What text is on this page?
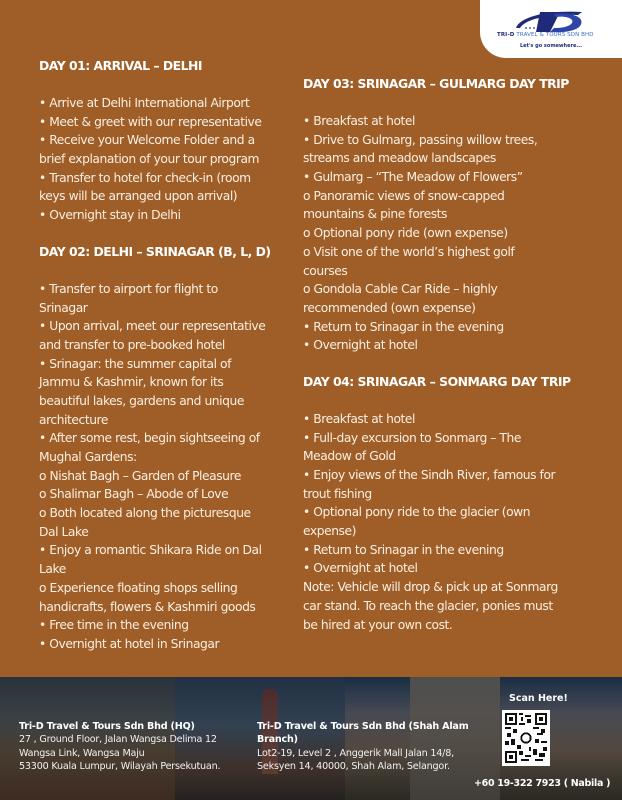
TRI-D TRAVEL & TOURS SDN BHD
Let's go somewhere...
DAY 01: ARRIVAL – DELHI
• Arrive at Delhi International Airport
• Meet & greet with our representative
• Receive your Welcome Folder and a
brief explanation of your tour program
• Transfer to hotel for check-in (room
keys will be arranged upon arrival)
• Overnight stay in Delhi
DAY 02: DELHI – SRINAGAR (B, L, D)
• Transfer to airport for flight to
Srinagar
• Upon arrival, meet our representative
and transfer to pre-booked hotel
• Srinagar: the summer capital of
Jammu & Kashmir, known for its
beautiful lakes, gardens and unique
architecture
• After some rest, begin sightseeing of
Mughal Gardens:
o Nishat Bagh – Garden of Pleasure
o Shalimar Bagh – Abode of Love
o Both located along the picturesque
Dal Lake
• Enjoy a romantic Shikara Ride on Dal
Lake
o Experience floating shops selling
handicrafts, flowers & Kashmiri goods
• Free time in the evening
• Overnight at hotel in Srinagar
DAY 03: SRINAGAR – GULMARG DAY TRIP
• Breakfast at hotel
• Drive to Gulmarg, passing willow trees,
streams and meadow landscapes
• Gulmarg – “The Meadow of Flowers”
o Panoramic views of snow-capped
mountains & pine forests
o Optional pony ride (own expense)
o Visit one of the world’s highest golf
courses
o Gondola Cable Car Ride – highly
recommended (own expense)
• Return to Srinagar in the evening
• Overnight at hotel
DAY 04: SRINAGAR – SONMARG DAY TRIP
• Breakfast at hotel
• Full-day excursion to Sonmarg – The
Meadow of Gold
• Enjoy views of the Sindh River, famous for
trout fishing
• Optional pony ride to the glacier (own
expense)
• Return to Srinagar in the evening
• Overnight at hotel
Note: Vehicle will drop & pick up at Sonmarg
car stand. To reach the glacier, ponies must
be hired at your own cost.
Tri-D Travel & Tours Sdn Bhd (HQ)
27 , Ground Floor, Jalan Wangsa Delima 12
Wangsa Link, Wangsa Maju
53300 Kuala Lumpur, Wilayah Persekutuan.
Tri-D Travel & Tours Sdn Bhd (Shah Alam
Branch)
Lot2-19, Level 2 , Anggerik Mall Jalan 14/8,
Seksyen 14, 40000, Shah Alam, Selangor.
Scan Here!
+60 19-322 7923 ( Nabila )
